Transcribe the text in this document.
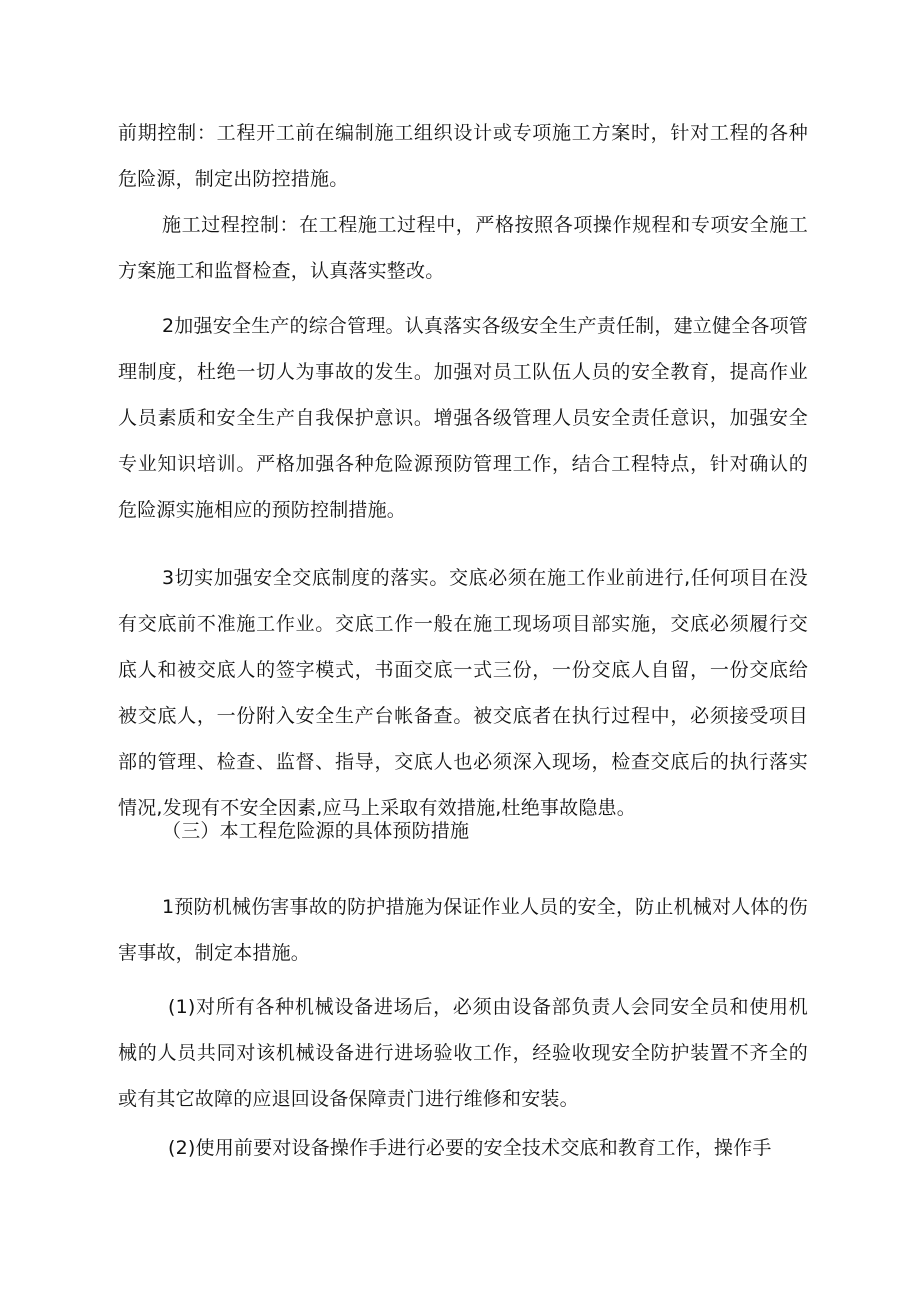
前期控制：工程开工前在编制施工组织设计或专项施工方案时，针对工程的各种危险源，制定出防控措施。

施工过程控制：在工程施工过程中，严格按照各项操作规程和专项安全施工方案施工和监督检查，认真落实整改。

2加强安全生产的综合管理。认真落实各级安全生产责任制，建立健全各项管理制度，杜绝一切人为事故的发生。加强对员工队伍人员的安全教育，提高作业人员素质和安全生产自我保护意识。增强各级管理人员安全责任意识，加强安全专业知识培训。严格加强各种危险源预防管理工作，结合工程特点，针对确认的危险源实施相应的预防控制措施。

3切实加强安全交底制度的落实。交底必须在施工作业前进行,任何项目在没有交底前不准施工作业。交底工作一般在施工现场项目部实施，交底必须履行交底人和被交底人的签字模式，书面交底一式三份，一份交底人自留，一份交底给被交底人，一份附入安全生产台帐备查。被交底者在执行过程中，必须接受项目部的管理、检查、监督、指导，交底人也必须深入现场，检查交底后的执行落实情况,发现有不安全因素,应马上采取有效措施,杜绝事故隐患。

（三）本工程危险源的具体预防措施

1预防机械伤害事故的防护措施为保证作业人员的安全，防止机械对人体的伤害事故，制定本措施。

(1)对所有各种机械设备进场后，必须由设备部负责人会同安全员和使用机械的人员共同对该机械设备进行进场验收工作，经验收现安全防护装置不齐全的或有其它故障的应退回设备保障责门进行维修和安装。

(2)使用前要对设备操作手进行必要的安全技术交底和教育工作，操作手
